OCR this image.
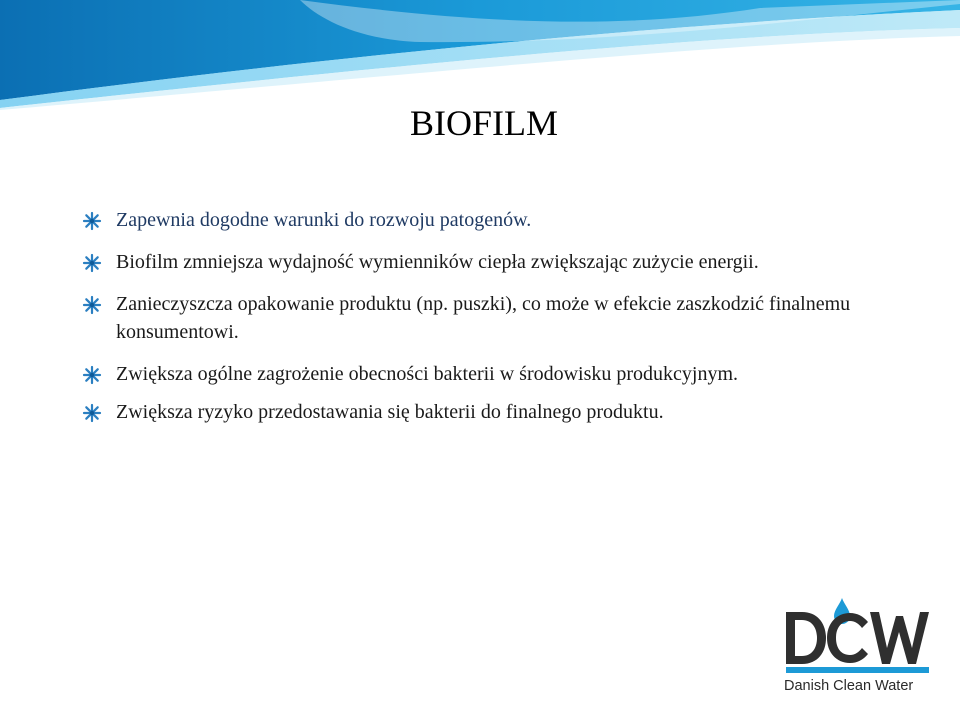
BIOFILM
Zapewnia dogodne warunki do rozwoju patogenów.
Biofilm zmniejsza wydajność wymienników ciepła zwiększając zużycie energii.
Zanieczyszcza opakowanie produktu (np. puszki), co może w efekcie zaszkodzić finalnemu konsumentowi.
Zwiększa ogólne zagrożenie obecności bakterii w środowisku produkcyjnym.
Zwiększa ryzyko przedostawania się bakterii do finalnego produktu.
Danish Clean Water
